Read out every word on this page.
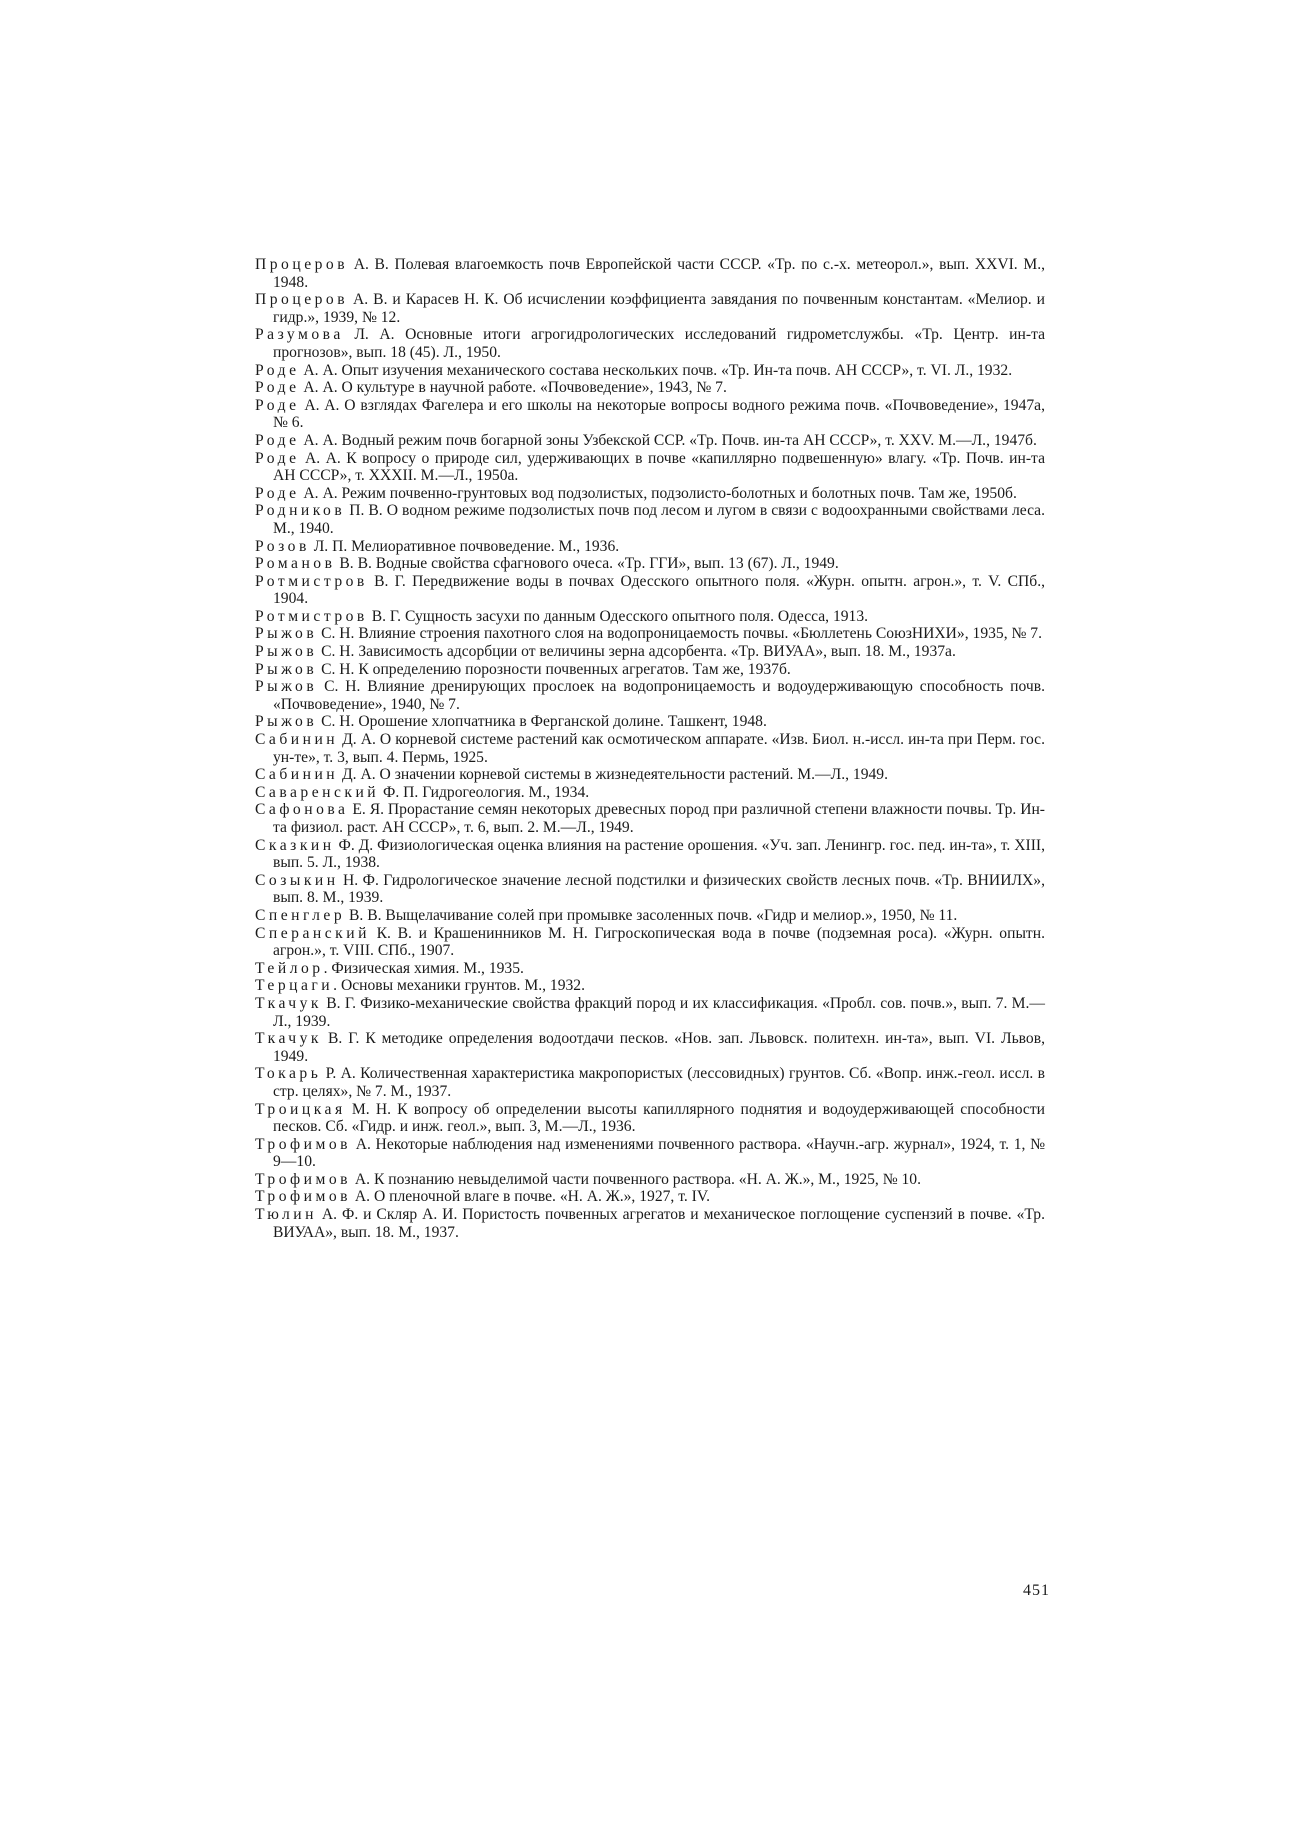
Процеров А. В. Полевая влагоемкость почв Европейской части СССР. «Тр. по с.-х. метеорол.», вып. XXVI. М., 1948.

Процеров А. В. и Карасев Н. К. Об исчислении коэффициента завядания по почвенным константам. «Мелиор. и гидр.», 1939, № 12.

Разумова Л. А. Основные итоги агрогидрологических исследований гидрометслужбы. «Тр. Центр. ин-та прогнозов», вып. 18 (45). Л., 1950.

Роде А. А. Опыт изучения механического состава нескольких почв. «Тр. Ин-та почв. АН СССР», т. VI. Л., 1932.

Роде А. А. О культуре в научной работе. «Почвоведение», 1943, № 7.

Роде А. А. О взглядах Фагелера и его школы на некоторые вопросы водного режима почв. «Почвоведение», 1947а, № 6.

Роде А. А. Водный режим почв богарной зоны Узбекской ССР. «Тр. Почв. ин-та АН СССР», т. XXV. М.—Л., 1947б.

Роде А. А. К вопросу о природе сил, удерживающих в почве «капиллярно подвешенную» влагу. «Тр. Почв. ин-та АН СССР», т. XXXII. М.—Л., 1950а.

Роде А. А. Режим почвенно-грунтовых вод подзолистых, подзолисто-болотных и болотных почв. Там же, 1950б.

Родников П. В. О водном режиме подзолистых почв под лесом и лугом в связи с водоохранными свойствами леса. М., 1940.

Розов Л. П. Мелиоративное почвоведение. М., 1936.

Романов В. В. Водные свойства сфагнового очеса. «Тр. ГГИ», вып. 13 (67). Л., 1949.

Ротмистров В. Г. Передвижение воды в почвах Одесского опытного поля. «Журн. опытн. агрон.», т. V. СПб., 1904.

Ротмистров В. Г. Сущность засухи по данным Одесского опытного поля. Одесса, 1913.

Рыжов С. Н. Влияние строения пахотного слоя на водопроницаемость почвы. «Бюллетень СоюзНИХИ», 1935, № 7.

Рыжов С. Н. Зависимость адсорбции от величины зерна адсорбента. «Тр. ВИУАА», вып. 18. М., 1937а.

Рыжов С. Н. К определению порозности почвенных агрегатов. Там же, 1937б.

Рыжов С. Н. Влияние дренирующих прослоек на водопроницаемость и водоудерживающую способность почв. «Почвоведение», 1940, № 7.

Рыжов С. Н. Орошение хлопчатника в Ферганской долине. Ташкент, 1948.

Сабинин Д. А. О корневой системе растений как осмотическом аппарате. «Изв. Биол. н.-иссл. ин-та при Перм. гос. ун-те», т. 3, вып. 4. Пермь, 1925.

Сабинин Д. А. О значении корневой системы в жизнедеятельности растений. М.—Л., 1949.

Саваренский Ф. П. Гидрогеология. М., 1934.

Сафонова Е. Я. Прорастание семян некоторых древесных пород при различной степени влажности почвы. Тр. Ин-та физиол. раст. АН СССР», т. 6, вып. 2. М.—Л., 1949.

Сказкин Ф. Д. Физиологическая оценка влияния на растение орошения. «Уч. зап. Ленингр. гос. пед. ин-та», т. XIII, вып. 5. Л., 1938.

Созыкин Н. Ф. Гидрологическое значение лесной подстилки и физических свойств лесных почв. «Тр. ВНИИЛХ», вып. 8. М., 1939.

Спенглер В. В. Выщелачивание солей при промывке засоленных почв. «Гидр и мелиор.», 1950, № 11.

Сперанский К. В. и Крашенинников М. Н. Гигроскопическая вода в почве (подземная роса). «Журн. опытн. агрон.», т. VIII. СПб., 1907.

Тейлор. Физическая химия. М., 1935.

Терцаги. Основы механики грунтов. М., 1932.

Ткачук В. Г. Физико-механические свойства фракций пород и их классификация. «Пробл. сов. почв.», вып. 7. М.—Л., 1939.

Ткачук В. Г. К методике определения водоотдачи песков. «Нов. зап. Львовск. политехн. ин-та», вып. VI. Львов, 1949.

Токарь Р. А. Количественная характеристика макропористых (лессовидных) грунтов. Сб. «Вопр. инж.-геол. иссл. в стр. целях», № 7. М., 1937.

Троицкая М. Н. К вопросу об определении высоты капиллярного поднятия и водоудерживающей способности песков. Сб. «Гидр. и инж. геол.», вып. 3, М.—Л., 1936.

Трофимов А. Некоторые наблюдения над изменениями почвенного раствора. «Научн.-агр. журнал», 1924, т. 1, № 9—10.

Трофимов А. К познанию невыделимой части почвенного раствора. «Н. А. Ж.», М., 1925, № 10.

Трофимов А. О пленочной влаге в почве. «Н. А. Ж.», 1927, т. IV.

Тюлин А. Ф. и Скляр А. И. Пористость почвенных агрегатов и механическое поглощение суспензий в почве. «Тр. ВИУАА», вып. 18. М., 1937.

451
